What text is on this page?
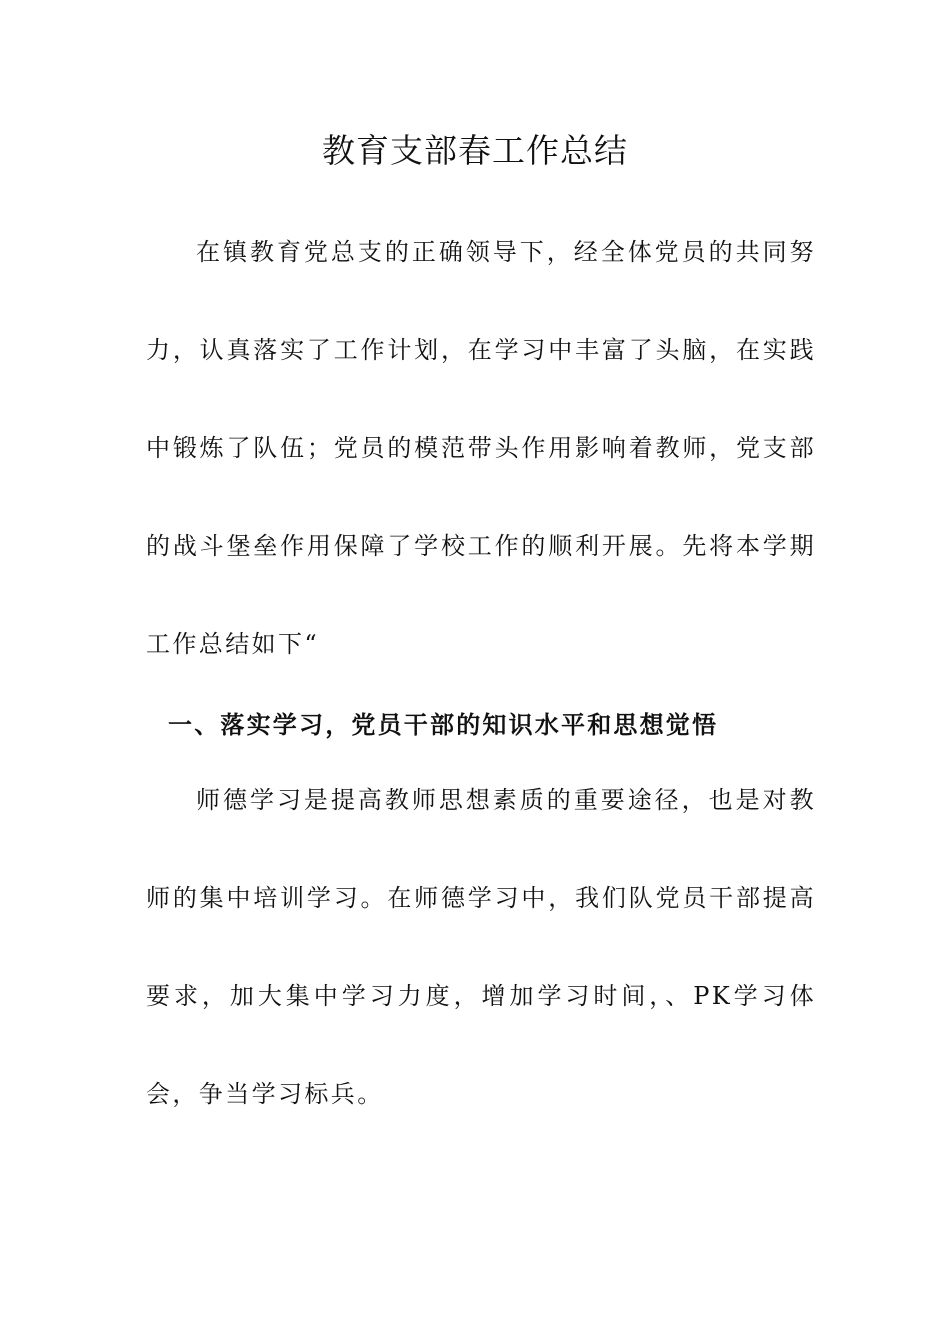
教育支部春工作总结

在镇教育党总支的正确领导下，经全体党员的共同努力，认真落实了工作计划，在学习中丰富了头脑，在实践中锻炼了队伍；党员的模范带头作用影响着教师，党支部的战斗堡垒作用保障了学校工作的顺利开展。先将本学期工作总结如下“

一、落实学习，党员干部的知识水平和思想觉悟

师德学习是提高教师思想素质的重要途径，也是对教师的集中培训学习。在师德学习中，我们队党员干部提高要求，加大集中学习力度，增加学习时间，、PK学习体会，争当学习标兵。
